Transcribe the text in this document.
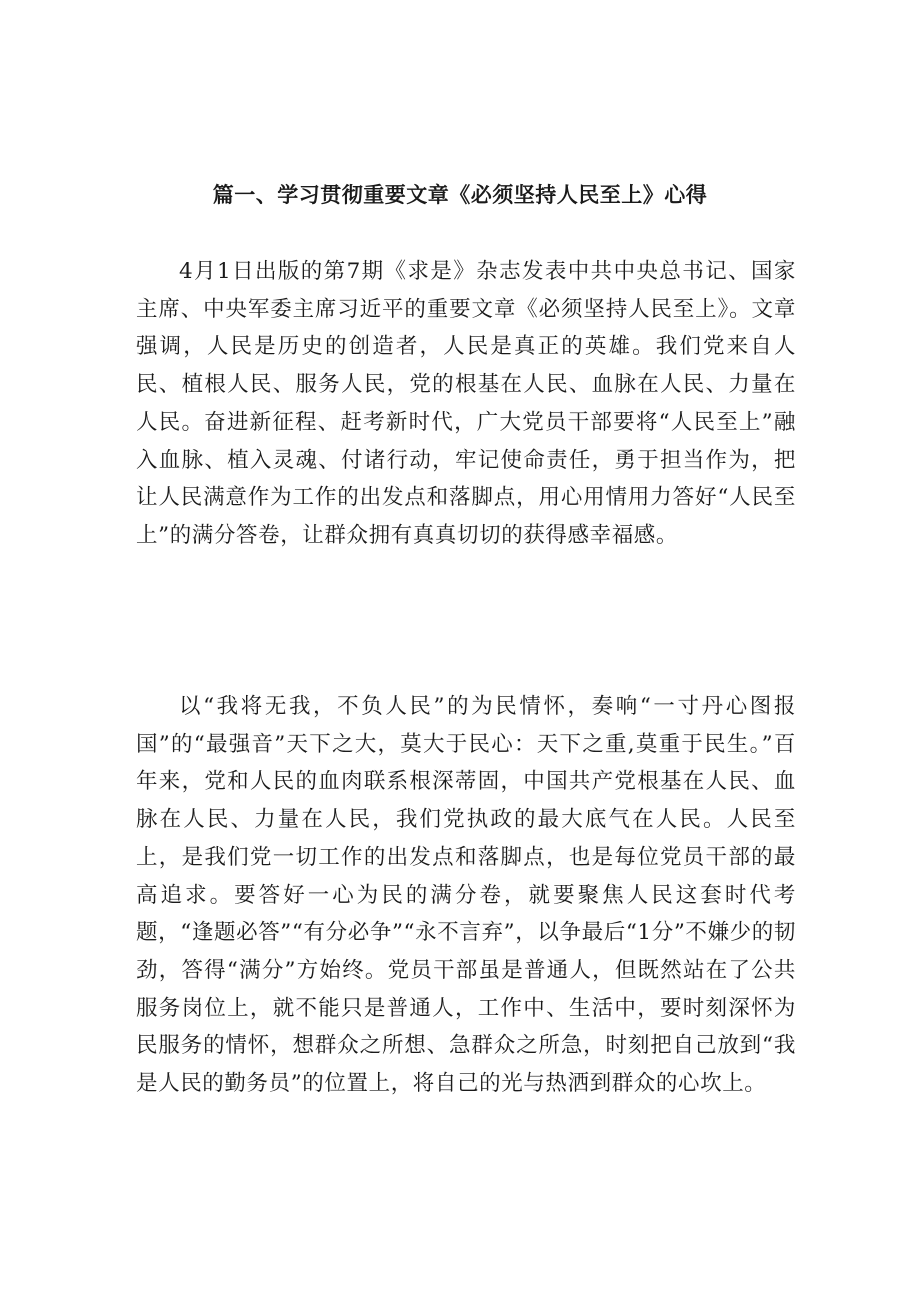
篇一、学习贯彻重要文章《必须坚持人民至上》心得

4月1日出版的第7期《求是》杂志发表中共中央总书记、国家主席、中央军委主席习近平的重要文章《必须坚持人民至上》。文章强调，人民是历史的创造者，人民是真正的英雄。我们党来自人民、植根人民、服务人民，党的根基在人民、血脉在人民、力量在人民。奋进新征程、赶考新时代，广大党员干部要将“人民至上”融入血脉、植入灵魂、付诸行动，牢记使命责任，勇于担当作为，把让人民满意作为工作的出发点和落脚点，用心用情用力答好“人民至上”的满分答卷，让群众拥有真真切切的获得感幸福感。

以“我将无我，不负人民”的为民情怀，奏响“一寸丹心图报国”的“最强音”天下之大，莫大于民心：天下之重,莫重于民生。”百年来，党和人民的血肉联系根深蒂固，中国共产党根基在人民、血脉在人民、力量在人民，我们党执政的最大底气在人民。人民至上，是我们党一切工作的出发点和落脚点，也是每位党员干部的最高追求。要答好一心为民的满分卷，就要聚焦人民这套时代考题，“逢题必答”“有分必争”“永不言弃”，以争最后“1分”不嫌少的韧劲，答得“满分”方始终。党员干部虽是普通人，但既然站在了公共服务岗位上，就不能只是普通人，工作中、生活中，要时刻深怀为民服务的情怀，想群众之所想、急群众之所急，时刻把自己放到“我是人民的勤务员”的位置上，将自己的光与热洒到群众的心坎上。
